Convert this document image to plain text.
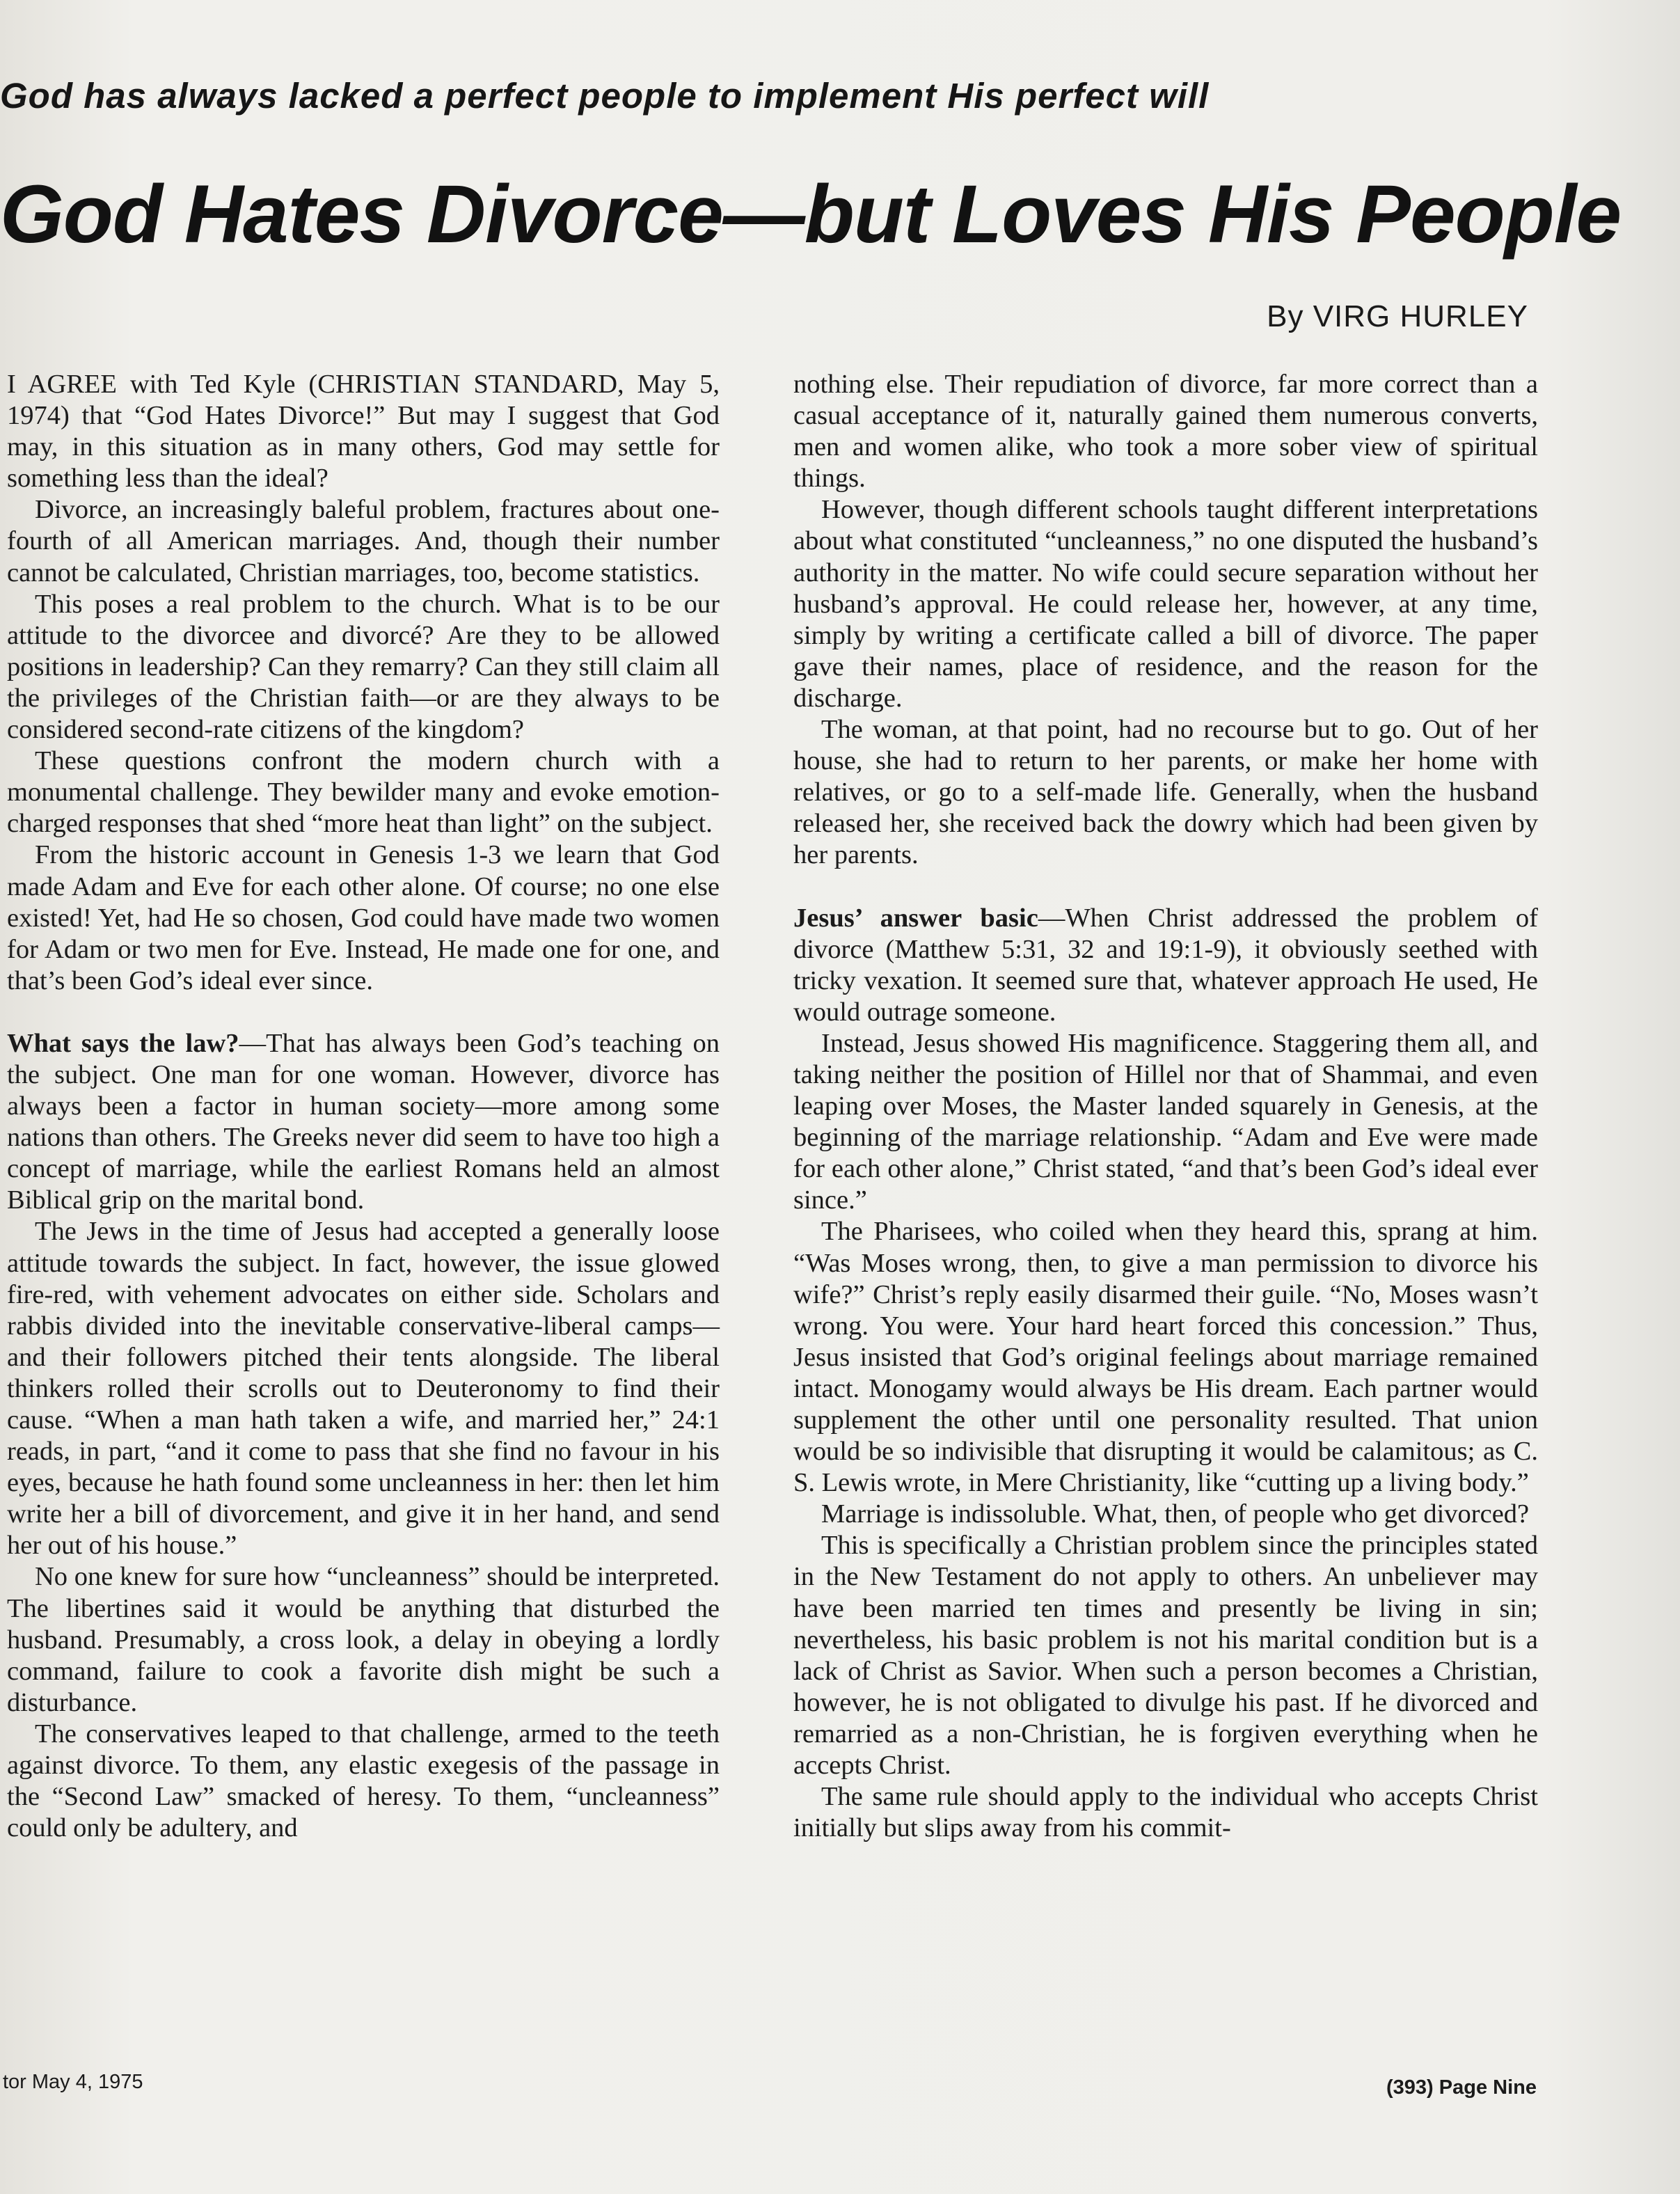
God has always lacked a perfect people to implement His perfect will
God Hates Divorce—but Loves His People
By VIRG HURLEY

I AGREE with Ted Kyle (CHRISTIAN STANDARD, May 5, 1974) that “God Hates Divorce!” But may I suggest that God may, in this situation as in many others, God may settle for something less than the ideal?

Divorce, an increasingly baleful problem, fractures about one-fourth of all American marriages. And, though their number cannot be calculated, Christian marriages, too, become statistics.

This poses a real problem to the church. What is to be our attitude to the divorcee and divorcé? Are they to be allowed positions in leadership? Can they remarry? Can they still claim all the privileges of the Christian faith—or are they always to be considered second-rate citizens of the kingdom?

These questions confront the modern church with a monumental challenge. They bewilder many and evoke emotion-charged responses that shed “more heat than light” on the subject.

From the historic account in Genesis 1-3 we learn that God made Adam and Eve for each other alone. Of course; no one else existed! Yet, had He so chosen, God could have made two women for Adam or two men for Eve. Instead, He made one for one, and that’s been God’s ideal ever since.

What says the law?—That has always been God’s teaching on the subject. One man for one woman. However, divorce has always been a factor in human society—more among some nations than others. The Greeks never did seem to have too high a concept of marriage, while the earliest Romans held an almost Biblical grip on the marital bond.

The Jews in the time of Jesus had accepted a generally loose attitude towards the subject. In fact, however, the issue glowed fire-red, with vehement advocates on either side. Scholars and rabbis divided into the inevitable conservative-liberal camps—and their followers pitched their tents alongside. The liberal thinkers rolled their scrolls out to Deuteronomy to find their cause. “When a man hath taken a wife, and married her,” 24:1 reads, in part, “and it come to pass that she find no favour in his eyes, because he hath found some uncleanness in her: then let him write her a bill of divorcement, and give it in her hand, and send her out of his house.”

No one knew for sure how “uncleanness” should be interpreted. The libertines said it would be anything that disturbed the husband. Presumably, a cross look, a delay in obeying a lordly command, failure to cook a favorite dish might be such a disturbance.

The conservatives leaped to that challenge, armed to the teeth against divorce. To them, any elastic exegesis of the passage in the “Second Law” smacked of heresy. To them, “uncleanness” could only be adultery, and

nothing else. Their repudiation of divorce, far more correct than a casual acceptance of it, naturally gained them numerous converts, men and women alike, who took a more sober view of spiritual things.

However, though different schools taught different interpretations about what constituted “uncleanness,” no one disputed the husband’s authority in the matter. No wife could secure separation without her husband’s approval. He could release her, however, at any time, simply by writing a certificate called a bill of divorce. The paper gave their names, place of residence, and the reason for the discharge.

The woman, at that point, had no recourse but to go. Out of her house, she had to return to her parents, or make her home with relatives, or go to a self-made life. Generally, when the husband released her, she received back the dowry which had been given by her parents.

Jesus’ answer basic—When Christ addressed the problem of divorce (Matthew 5:31, 32 and 19:1-9), it obviously seethed with tricky vexation. It seemed sure that, whatever approach He used, He would outrage someone.

Instead, Jesus showed His magnificence. Staggering them all, and taking neither the position of Hillel nor that of Shammai, and even leaping over Moses, the Master landed squarely in Genesis, at the beginning of the marriage relationship. “Adam and Eve were made for each other alone,” Christ stated, “and that’s been God’s ideal ever since.”

The Pharisees, who coiled when they heard this, sprang at him. “Was Moses wrong, then, to give a man permission to divorce his wife?” Christ’s reply easily disarmed their guile. “No, Moses wasn’t wrong. You were. Your hard heart forced this concession.” Thus, Jesus insisted that God’s original feelings about marriage remained intact. Monogamy would always be His dream. Each partner would supplement the other until one personality resulted. That union would be so indivisible that disrupting it would be calamitous; as C. S. Lewis wrote, in Mere Christianity, like “cutting up a living body.”

Marriage is indissoluble. What, then, of people who get divorced?

This is specifically a Christian problem since the principles stated in the New Testament do not apply to others. An unbeliever may have been married ten times and presently be living in sin; nevertheless, his basic problem is not his marital condition but is a lack of Christ as Savior. When such a person becomes a Christian, however, he is not obligated to divulge his past. If he divorced and remarried as a non-Christian, he is forgiven everything when he accepts Christ.

The same rule should apply to the individual who accepts Christ initially but slips away from his commit-

tor May 4, 1975	(393) Page Nine
